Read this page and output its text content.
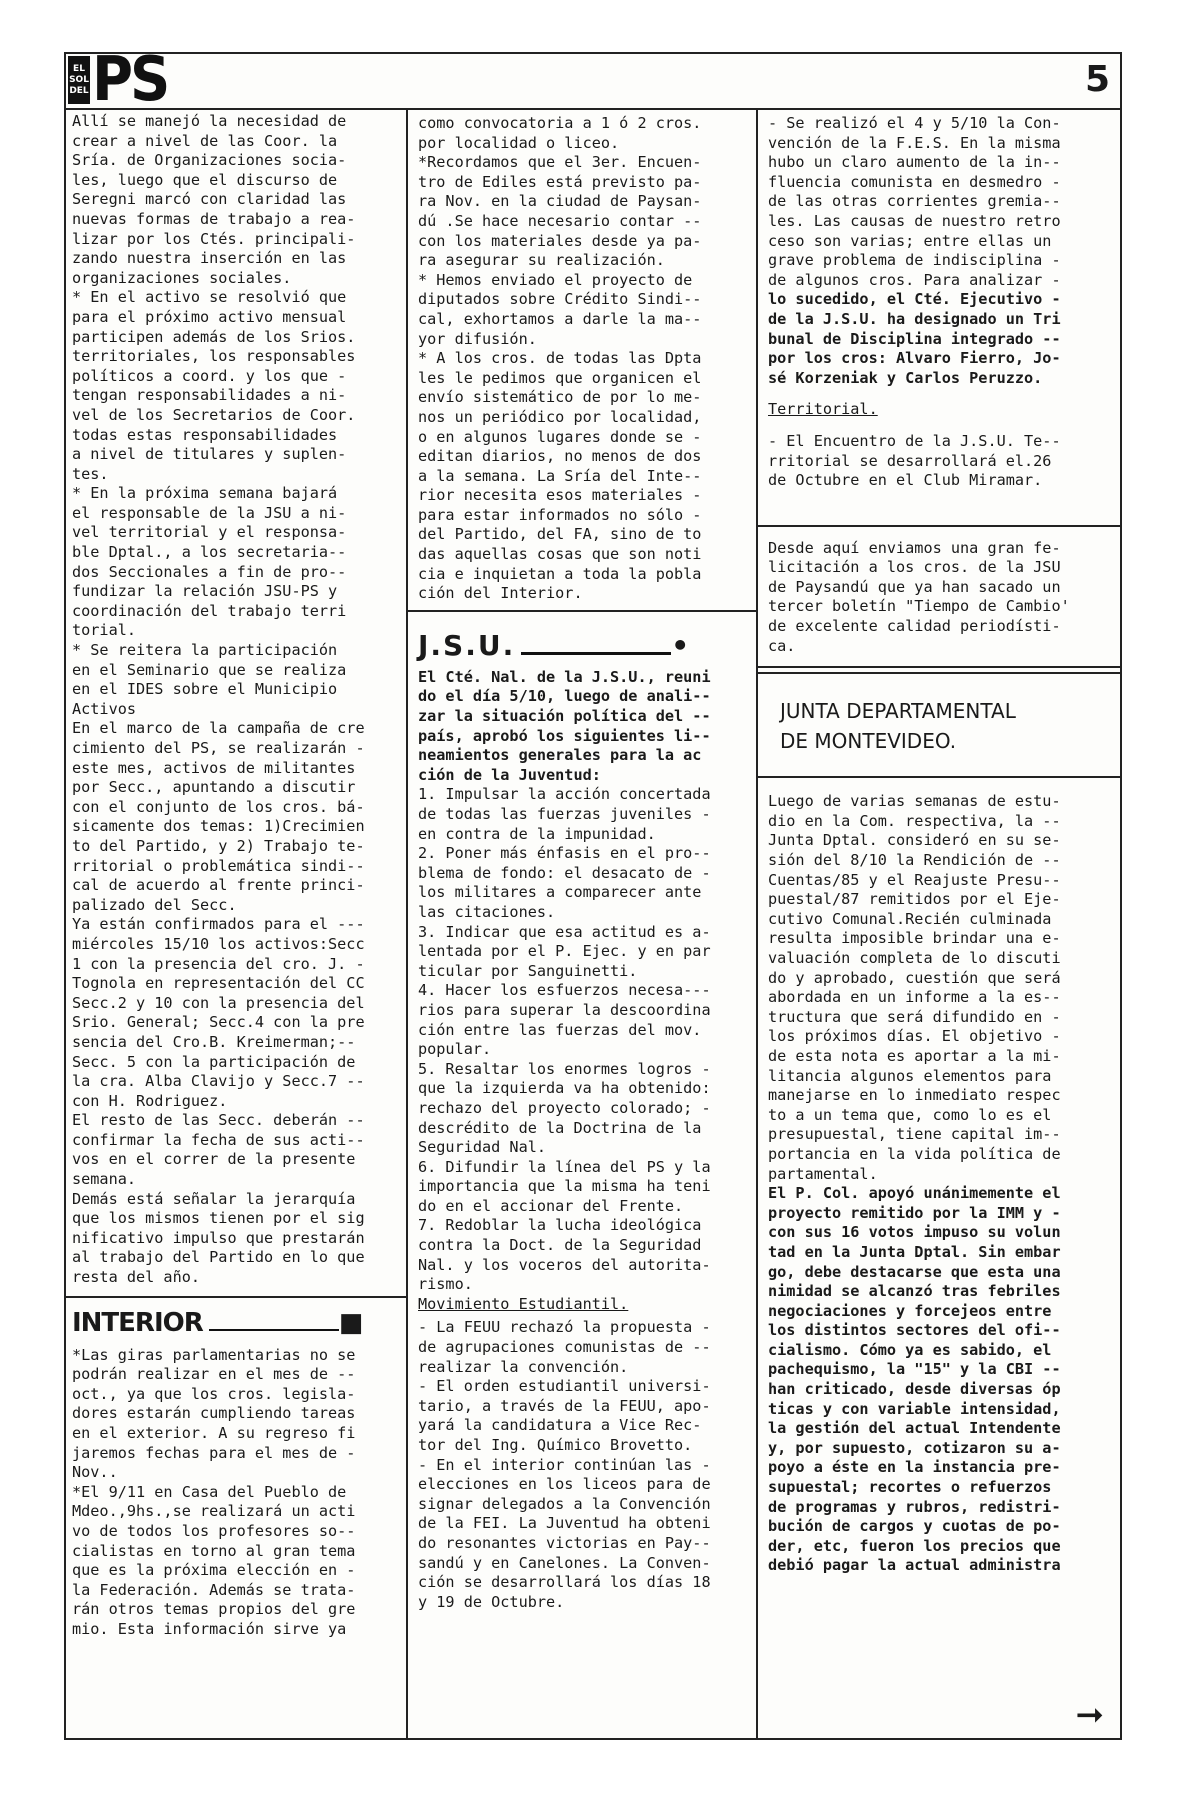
EL
SOL
DEL PS	5

Allí se manejó la necesidad de
crear a nivel de las Coor. la
Sría. de Organizaciones socia-
les, luego que el discurso de
Seregni marcó con claridad las
nuevas formas de trabajo a rea-
lizar por los Ctés. principali-
zando nuestra inserción en las
organizaciones sociales.
* En el activo se resolvió que
para el próximo activo mensual
participen además de los Srios.
territoriales, los responsables
políticos a coord. y los que -
tengan responsabilidades a ni-
vel de los Secretarios de Coor.
todas estas responsabilidades
a nivel de titulares y suplen-
tes.
* En la próxima semana bajará
el responsable de la JSU a ni-
vel territorial y el responsa-
ble Dptal., a los secretaria--
dos Seccionales a fin de pro--
fundizar la relación JSU-PS y
coordinación del trabajo terri
torial.
* Se reitera la participación
en el Seminario que se realiza
en el IDES sobre el Municipio

Activos

En el marco de la campaña de cre
cimiento del PS, se realizarán -
este mes, activos de militantes
por Secc., apuntando a discutir
con el conjunto de los cros. bá-
sicamente dos temas: 1)Crecimien
to del Partido, y 2) Trabajo te-
rritorial o problemática sindi--
cal de acuerdo al frente princi-
palizado del Secc.
Ya están confirmados para el ---
miércoles 15/10 los activos:Secc
1 con la presencia del cro. J. -
Tognola en representación del CC
Secc.2 y 10 con la presencia del
Srio. General; Secc.4 con la pre
sencia del Cro.B. Kreimerman;--
Secc. 5 con la participación de
la cra. Alba Clavijo y Secc.7 --
con H. Rodriguez.
El resto de las Secc. deberán --
confirmar la fecha de sus acti--
vos en el correr de la presente
semana.
Demás está señalar la jerarquía
que los mismos tienen por el sig
nificativo impulso que prestarán
al trabajo del Partido en lo que
resta del año.

INTERIOR	■

*Las giras parlamentarias no se
podrán realizar en el mes de --
oct., ya que los cros. legisla-
dores estarán cumpliendo tareas
en el exterior. A su regreso fi
jaremos fechas para el mes de -
Nov..
*El 9/11 en Casa del Pueblo de
Mdeo.,9hs.,se realizará un acti
vo de todos los profesores so--
cialistas en torno al gran tema
que es la próxima elección en -
la Federación. Además se trata-
rán otros temas propios del gre
mio. Esta información sirve ya

como convocatoria a 1 ó 2 cros.
por localidad o liceo.
*Recordamos que el 3er. Encuen-
tro de Ediles está previsto pa-
ra Nov. en la ciudad de Paysan-
dú .Se hace necesario contar --
con los materiales desde ya pa-
ra asegurar su realización.
* Hemos enviado el proyecto de
diputados sobre Crédito Sindi--
cal, exhortamos a darle la ma--
yor difusión.
* A los cros. de todas las Dpta
les le pedimos que organicen el
envío sistemático de por lo me-
nos un periódico por localidad,
o en algunos lugares donde se -
editan diarios, no menos de dos
a la semana. La Sría del Inte--
rior necesita esos materiales -
para estar informados no sólo -
del Partido, del FA, sino de to
das aquellas cosas que son noti
cia e inquietan a toda la pobla
ción del Interior.

J.S.U.	•

El Cté. Nal. de la J.S.U., reuni
do el día 5/10, luego de anali--
zar la situación política del --
país, aprobó los siguientes li--
neamientos generales para la ac
ción de la Juventud:

1. Impulsar la acción concertada
de todas las fuerzas juveniles -
en contra de la impunidad.
2. Poner más énfasis en el pro--
blema de fondo: el desacato de -
los militares a comparecer ante
las citaciones.
3. Indicar que esa actitud es a-
lentada por el P. Ejec. y en par
ticular por Sanguinetti.
4. Hacer los esfuerzos necesa---
rios para superar la descoordina
ción entre las fuerzas del mov.
popular.
5. Resaltar los enormes logros -
que la izquierda va ha obtenido:
rechazo del proyecto colorado; -
descrédito de la Doctrina de la
Seguridad Nal.
6. Difundir la línea del PS y la
importancia que la misma ha teni
do en el accionar del Frente.
7. Redoblar la lucha ideológica
contra la Doct. de la Seguridad
Nal. y los voceros del autorita-
rismo.

Movimiento Estudiantil.

- La FEUU rechazó la propuesta -
de agrupaciones comunistas de --
realizar la convención.
- El orden estudiantil universi-
tario, a través de la FEUU, apo-
yará la candidatura a Vice Rec-
tor del Ing. Químico Brovetto.
- En el interior continúan las -
elecciones en los liceos para de
signar delegados a la Convención
de la FEI. La Juventud ha obteni
do resonantes victorias en Pay--
sandú y en Canelones. La Conven-
ción se desarrollará los días 18
y 19 de Octubre.

- Se realizó el 4 y 5/10 la Con-
vención de la F.E.S. En la misma
hubo un claro aumento de la in--
fluencia comunista en desmedro -
de las otras corrientes gremia--
les. Las causas de nuestro retro
ceso son varias; entre ellas un
grave problema de indisciplina -
de algunos cros. Para analizar -

lo sucedido, el Cté. Ejecutivo -
de la J.S.U. ha designado un Tri
bunal de Disciplina integrado --
por los cros: Alvaro Fierro, Jo-
sé Korzeniak y Carlos Peruzzo.

Territorial.

- El Encuentro de la J.S.U. Te--
rritorial se desarrollará el.26
de Octubre en el Club Miramar.

Desde aquí enviamos una gran fe-
licitación a los cros. de la JSU
de Paysandú que ya han sacado un
tercer boletín "Tiempo de Cambio'
de excelente calidad periodísti-
ca.

JUNTA DEPARTAMENTAL
DE MONTEVIDEO.

Luego de varias semanas de estu-
dio en la Com. respectiva, la --
Junta Dptal. consideró en su se-
sión del 8/10 la Rendición de --
Cuentas/85 y el Reajuste Presu--
puestal/87 remitidos por el Eje-
cutivo Comunal.Recién culminada
resulta imposible brindar una e-
valuación completa de lo discuti
do y aprobado, cuestión que será
abordada en un informe a la es--
tructura que será difundido en -
los próximos días. El objetivo -
de esta nota es aportar a la mi-
litancia algunos elementos para
manejarse en lo inmediato respec
to a un tema que, como lo es el
presupuestal, tiene capital im--
portancia en la vida política de
partamental.

El P. Col. apoyó unánimemente el
proyecto remitido por la IMM y -
con sus 16 votos impuso su volun
tad en la Junta Dptal. Sin embar
go, debe destacarse que esta una
nimidad se alcanzó tras febriles
negociaciones y forcejeos entre
los distintos sectores del ofi--
cialismo. Cómo ya es sabido, el
pachequismo, la "15" y la CBI --
han criticado, desde diversas óp
ticas y con variable intensidad,
la gestión del actual Intendente
y, por supuesto, cotizaron su a-
poyo a éste en la instancia pre-
supuestal; recortes o refuerzos
de programas y rubros, redistri-
bución de cargos y cuotas de po-
der, etc, fueron los precios que
debió pagar la actual administra

➞
